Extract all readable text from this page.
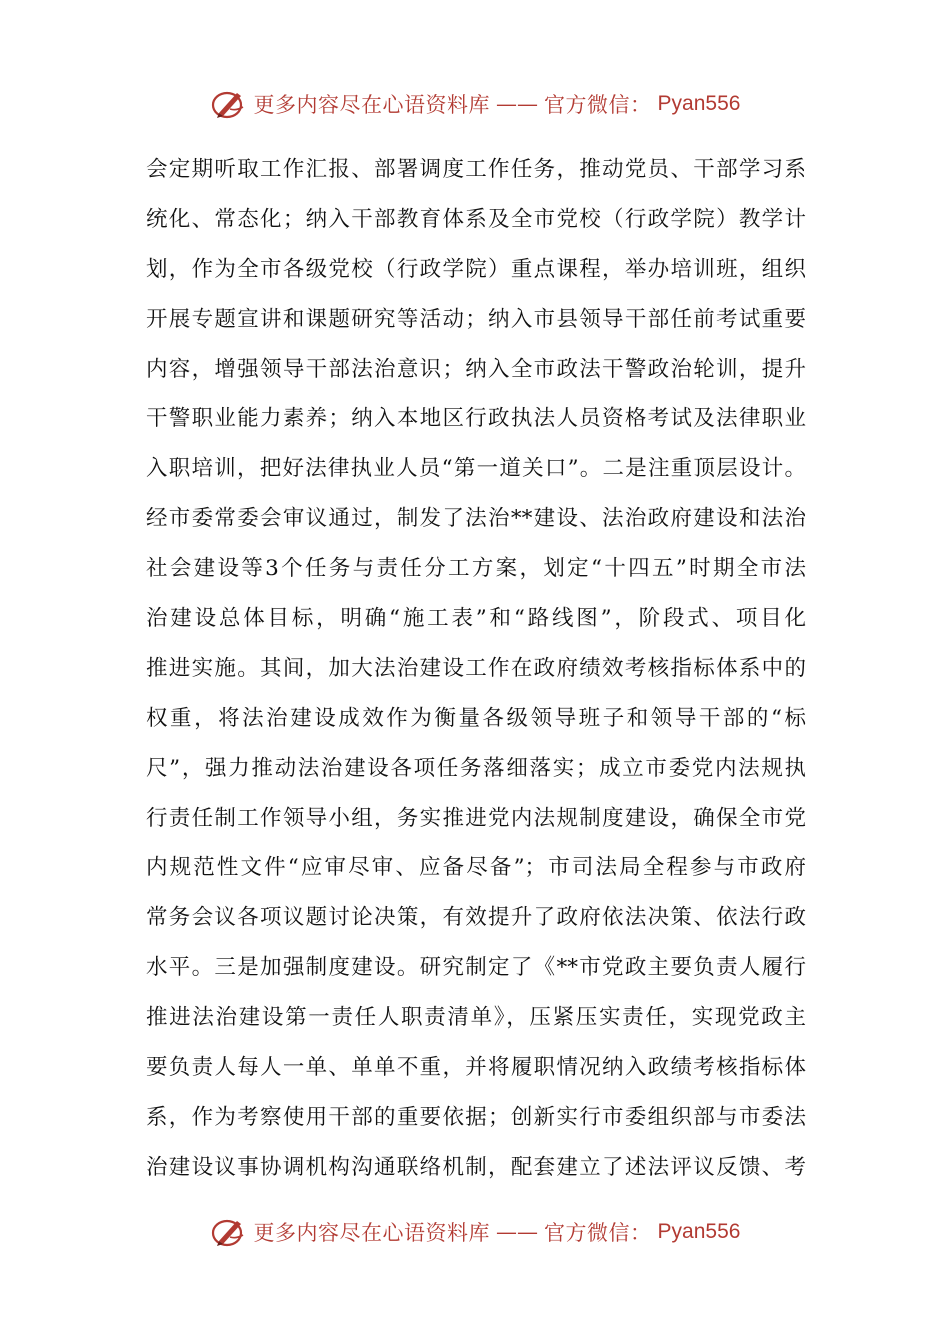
更多内容尽在心语资料库 —— 官方微信： Pyan556
会定期听取工作汇报、部署调度工作任务，推动党员、干部学习系
统化、常态化；纳入干部教育体系及全市党校（行政学院）教学计
划，作为全市各级党校（行政学院）重点课程，举办培训班，组织
开展专题宣讲和课题研究等活动；纳入市县领导干部任前考试重要
内容，增强领导干部法治意识；纳入全市政法干警政治轮训，提升
干警职业能力素养；纳入本地区行政执法人员资格考试及法律职业
入职培训，把好法律执业人员“第一道关口”。二是注重顶层设计。
经市委常委会审议通过，制发了法治**建设、法治政府建设和法治
社会建设等3个任务与责任分工方案，划定“十四五”时期全市法
治建设总体目标，明确“施工表”和“路线图”，阶段式、项目化
推进实施。其间，加大法治建设工作在政府绩效考核指标体系中的
权重，将法治建设成效作为衡量各级领导班子和领导干部的“标
尺”，强力推动法治建设各项任务落细落实；成立市委党内法规执
行责任制工作领导小组，务实推进党内法规制度建设，确保全市党
内规范性文件“应审尽审、应备尽备”；市司法局全程参与市政府
常务会议各项议题讨论决策，有效提升了政府依法决策、依法行政
水平。三是加强制度建设。研究制定了《**市党政主要负责人履行
推进法治建设第一责任人职责清单》，压紧压实责任，实现党政主
要负责人每人一单、单单不重，并将履职情况纳入政绩考核指标体
系，作为考察使用干部的重要依据；创新实行市委组织部与市委法
治建设议事协调机构沟通联络机制，配套建立了述法评议反馈、考
更多内容尽在心语资料库 —— 官方微信： Pyan556
